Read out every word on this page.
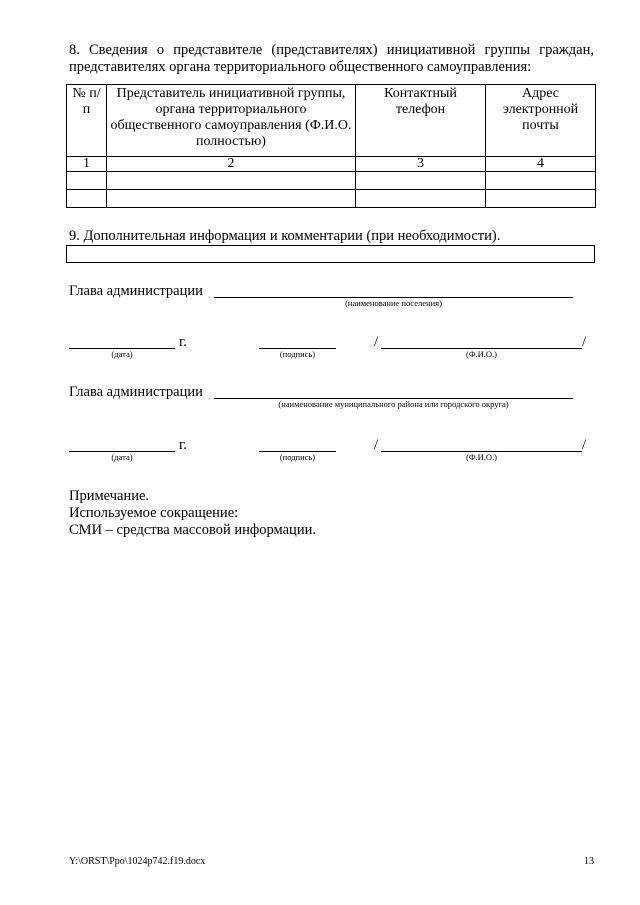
8. Сведения о представителе (представителях) инициативной группы граждан,
представителях органа территориального общественного самоуправления:
№ п/п	Представитель инициативной группы, органа территориального общественного самоуправления (Ф.И.О. полностью)	Контактный телефон	Адрес электронной почты
1	2	3	4

9. Дополнительная информация и комментарии (при необходимости).
Глава администрации
(наименование поселения)
г.
(дата)	(подпись)
/	/
(Ф.И.О.)
Глава администрации
(наименование муниципального района или городского округа)
г.
(дата)	(подпись)
/	/
(Ф.И.О.)
Примечание.
Используемое сокращение:
СМИ – средства массовой информации.
Y:\ORST\Ppo\1024p742.f19.docx	13
